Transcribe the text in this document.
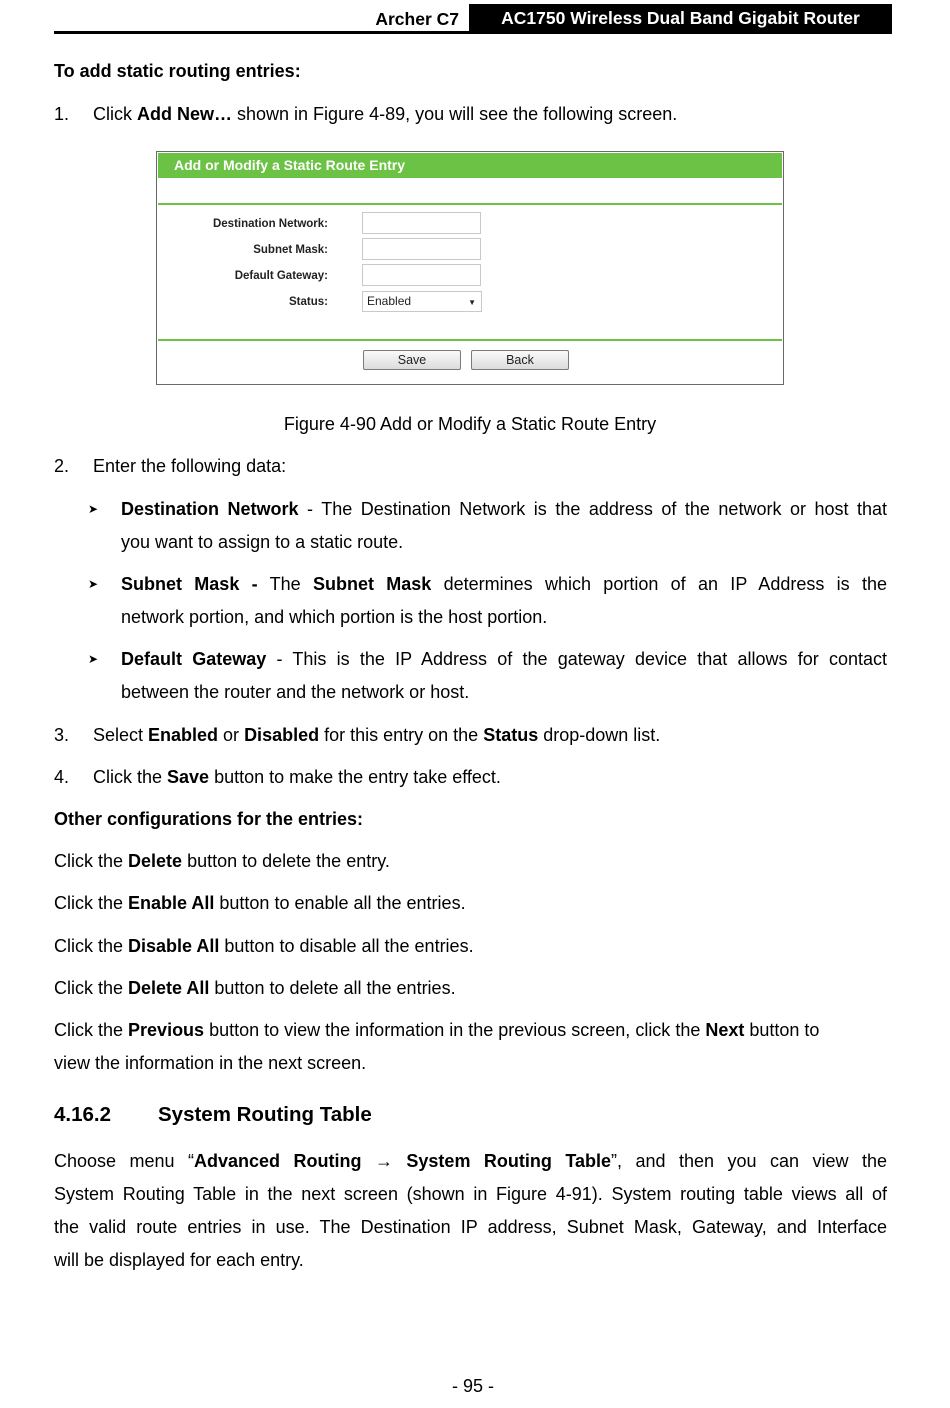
Archer C7	AC1750 Wireless Dual Band Gigabit Router
To add static routing entries:
1. Click Add New… shown in Figure 4-89, you will see the following screen.
Add or Modify a Static Route Entry
Destination Network:
Subnet Mask:
Default Gateway:
Status:	Enabled	▼
Save	Back
Figure 4-90 Add or Modify a Static Route Entry
2. Enter the following data:
➤ Destination Network - The Destination Network is the address of the network or host that
you want to assign to a static route.
➤ Subnet Mask - The Subnet Mask determines which portion of an IP Address is the
network portion, and which portion is the host portion.
➤ Default Gateway - This is the IP Address of the gateway device that allows for contact
between the router and the network or host.
3. Select Enabled or Disabled for this entry on the Status drop-down list.
4. Click the Save button to make the entry take effect.
Other configurations for the entries:
Click the Delete button to delete the entry.
Click the Enable All button to enable all the entries.
Click the Disable All button to disable all the entries.
Click the Delete All button to delete all the entries.
Click the Previous button to view the information in the previous screen, click the Next button to
view the information in the next screen.
4.16.2 System Routing Table
Choose menu “Advanced Routing → System Routing Table”, and then you can view the
System Routing Table in the next screen (shown in Figure 4-91). System routing table views all of
the valid route entries in use. The Destination IP address, Subnet Mask, Gateway, and Interface
will be displayed for each entry.
- 95 -
